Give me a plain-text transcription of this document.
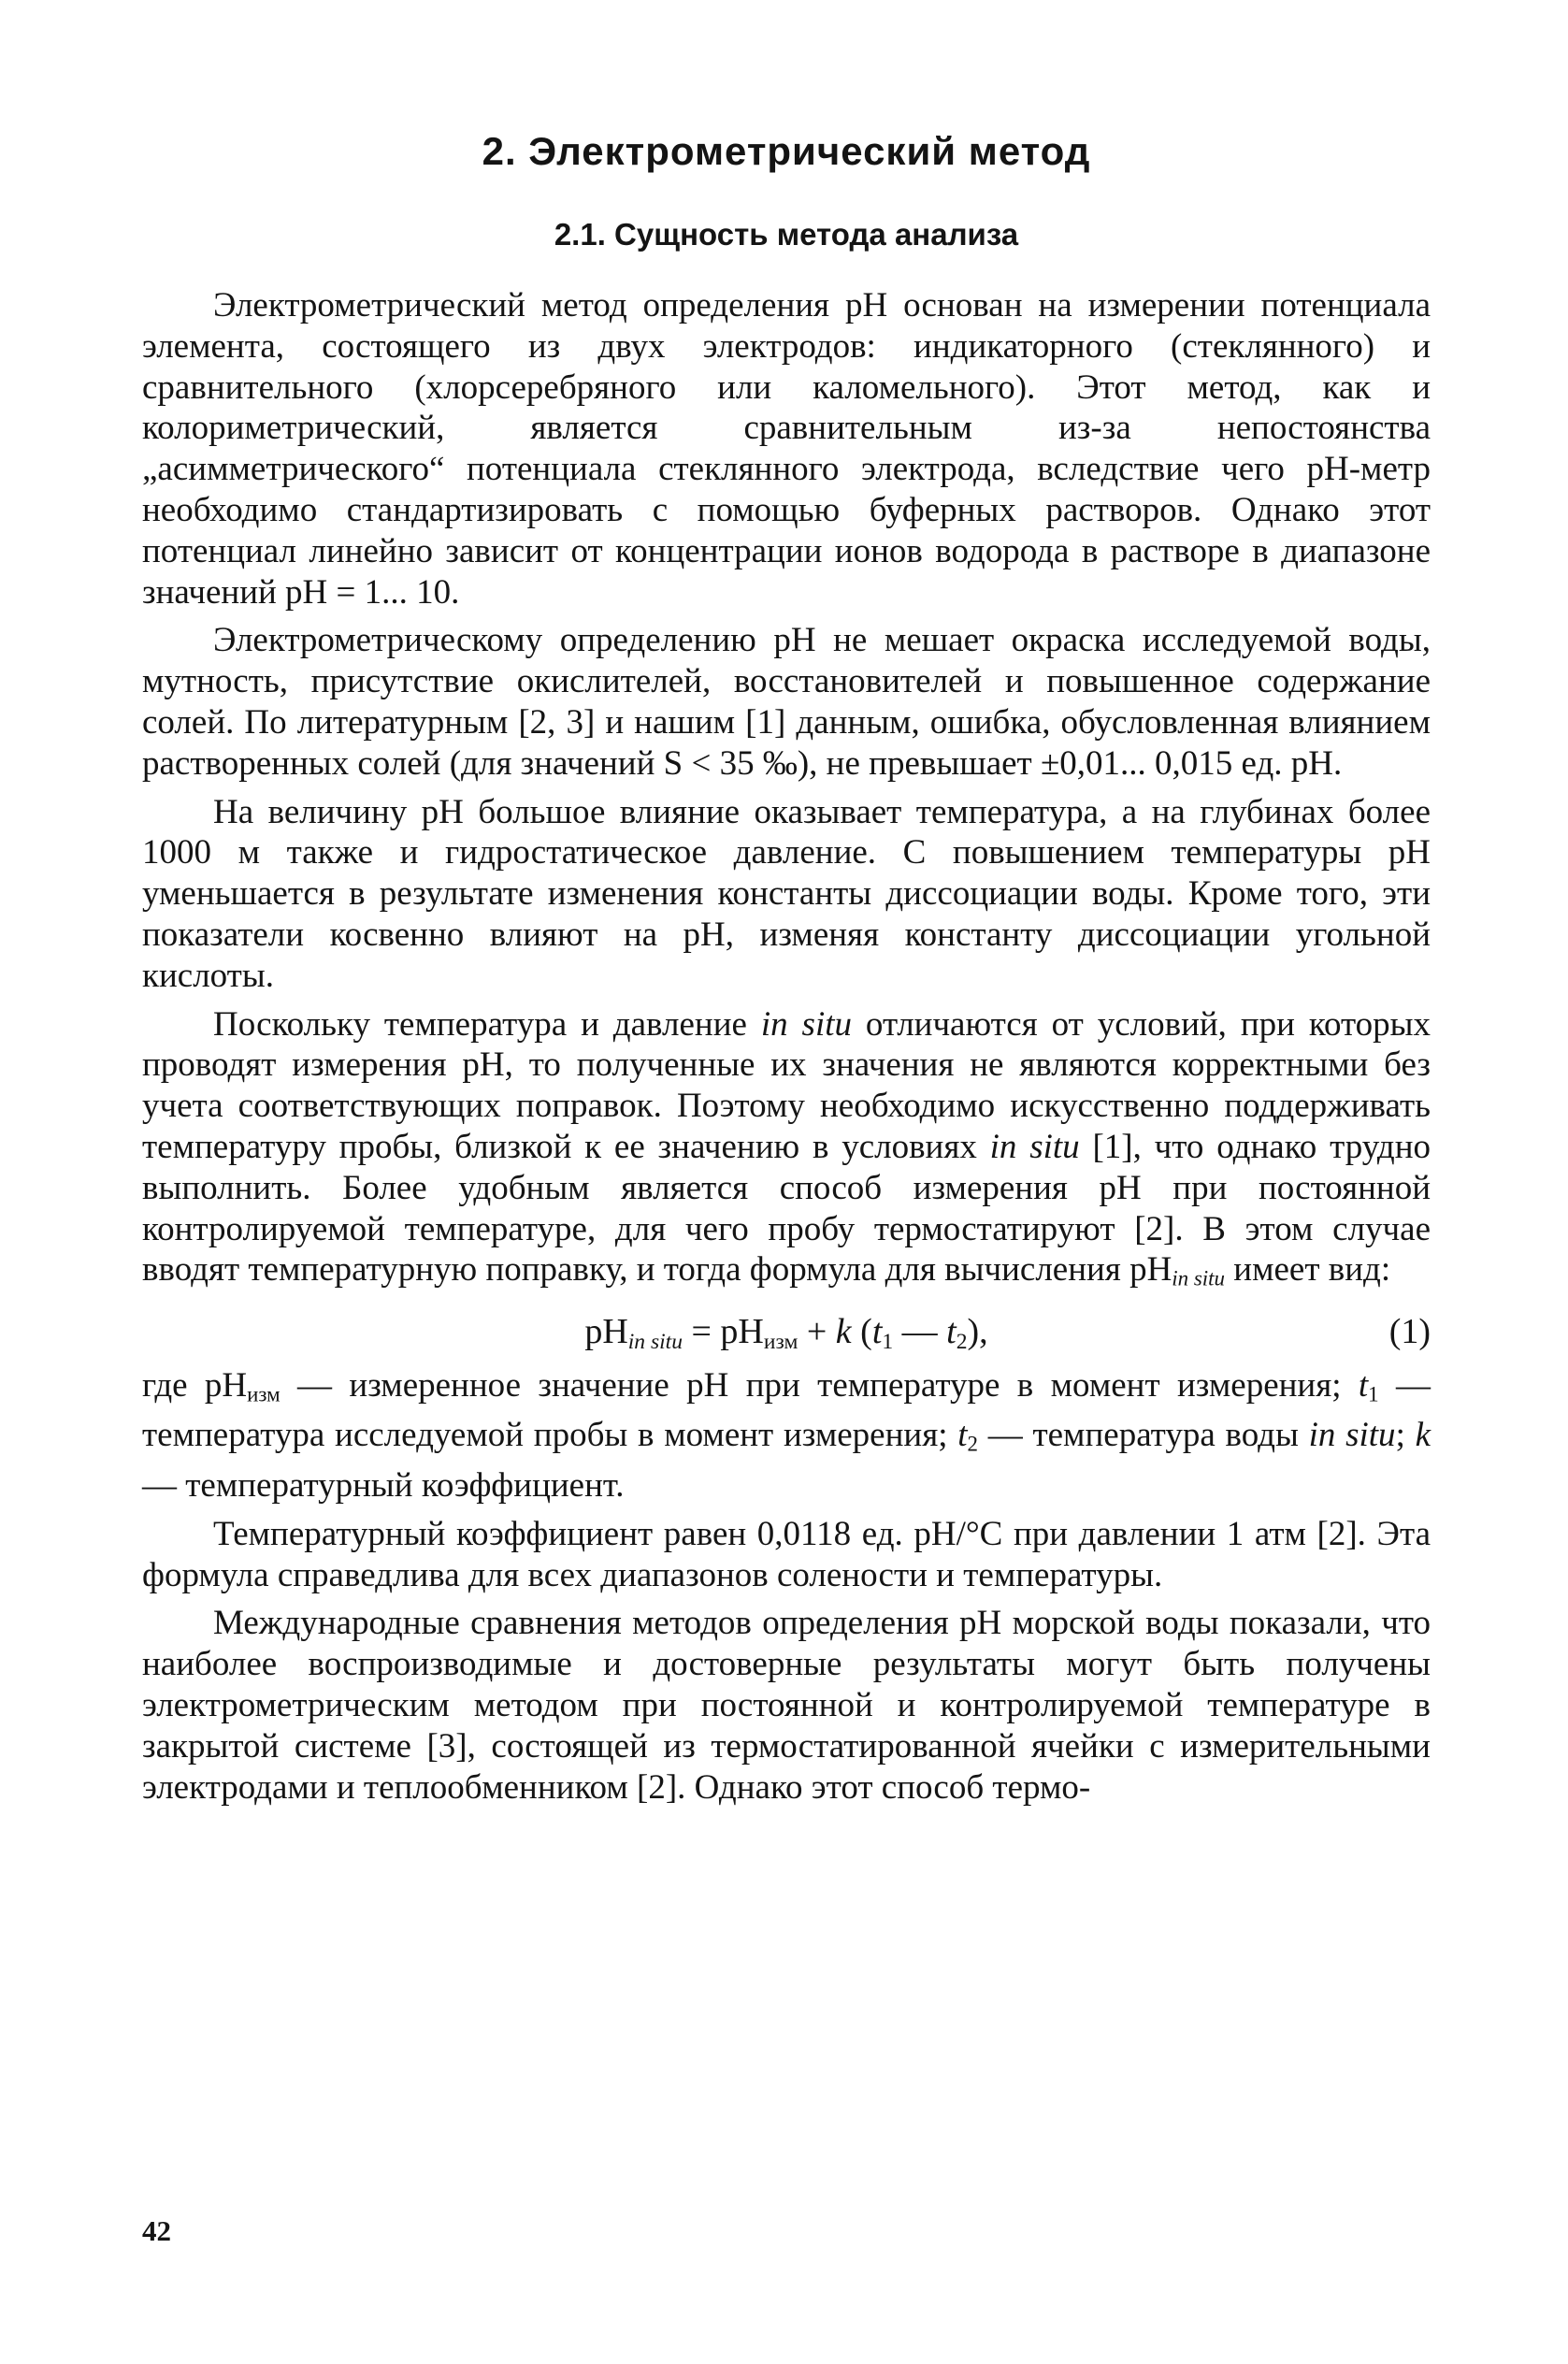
2. Электрометрический метод
2.1. Сущность метода анализа

Электрометрический метод определения pH основан на измерении потенциала элемента, состоящего из двух электродов: индикаторного (стеклянного) и сравнительного (хлорсеребряного или каломельного). Этот метод, как и колориметрический, является сравнительным из-за непостоянства „асимметрического“ потенциала стеклянного электрода, вследствие чего pH-метр необходимо стандартизировать с помощью буферных растворов. Однако этот потенциал линейно зависит от концентрации ионов водорода в растворе в диапазоне значений pH = 1... 10.

Электрометрическому определению pH не мешает окраска исследуемой воды, мутность, присутствие окислителей, восстановителей и повышенное содержание солей. По литературным [2, 3] и нашим [1] данным, ошибка, обусловленная влиянием растворенных солей (для значений S < 35 ‰), не превышает ±0,01... 0,015 ед. pH.

На величину pH большое влияние оказывает температура, а на глубинах более 1000 м также и гидростатическое давление. С повышением температуры pH уменьшается в результате изменения константы диссоциации воды. Кроме того, эти показатели косвенно влияют на pH, изменяя константу диссоциации угольной кислоты.

Поскольку температура и давление in situ отличаются от условий, при которых проводят измерения pH, то полученные их значения не являются корректными без учета соответствующих поправок. Поэтому необходимо искусственно поддерживать температуру пробы, близкой к ее значению в условиях in situ [1], что однако трудно выполнить. Более удобным является способ измерения pH при постоянной контролируемой температуре, для чего пробу термостатируют [2]. В этом случае вводят температурную поправку, и тогда формула для вычисления $pH_{in situ}$ имеет вид:

$pH_{in situ} = pH_{изм} + k$ ($t_1$ — $t_2$),	(1)

где $pH_{изм}$ — измеренное значение pH при температуре в момент измерения; $t_1$ — температура исследуемой пробы в момент измерения; $t_2$ — температура воды in situ; k — температурный коэффициент.

Температурный коэффициент равен 0,0118 ед. pH/°C при давлении 1 атм [2]. Эта формула справедлива для всех диапазонов солености и температуры.

Международные сравнения методов определения pH морской воды показали, что наиболее воспроизводимые и достоверные результаты могут быть получены электрометрическим методом при постоянной и контролируемой температуре в закрытой системе [3], состоящей из термостатированной ячейки с измерительными электродами и теплообменником [2]. Однако этот способ термо-

42
